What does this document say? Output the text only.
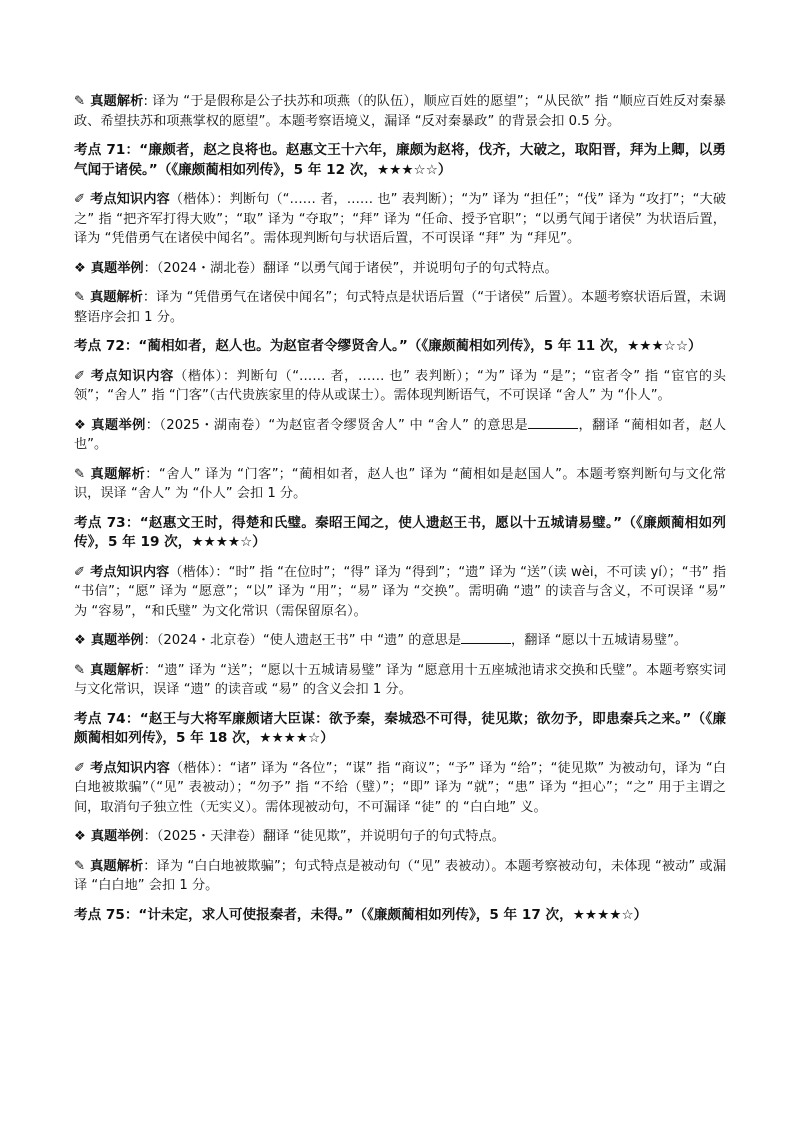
✎ 真题解析: 译为 “于是假称是公子扶苏和项燕（的队伍），顺应百姓的愿望”；“从民欲” 指 “顺应百姓反对秦暴政、希望扶苏和项燕掌权的愿望”。本题考察语境义，漏译 “反对秦暴政” 的背景会扣 0.5 分。

考点 71：“廉颇者，赵之良将也。赵惠文王十六年，廉颇为赵将，伐齐，大破之，取阳晋，拜为上卿，以勇气闻于诸侯。”（《廉颇蔺相如列传》，5 年 12 次，★★★☆☆）

✐ 考点知识内容（楷体）：判断句（“…… 者，…… 也” 表判断）；“为” 译为 “担任”；“伐” 译为 “攻打”；“大破之” 指 “把齐军打得大败”；“取” 译为 “夺取”；“拜” 译为 “任命、授予官职”；“以勇气闻于诸侯” 为状语后置，译为 “凭借勇气在诸侯中闻名”。需体现判断句与状语后置，不可误译 “拜” 为 “拜见”。

❖ 真题举例：（2024・湖北卷）翻译 “以勇气闻于诸侯”，并说明句子的句式特点。

✎ 真题解析：译为 “凭借勇气在诸侯中闻名”；句式特点是状语后置（“于诸侯” 后置）。本题考察状语后置，未调整语序会扣 1 分。

考点 72：“蔺相如者，赵人也。为赵宦者令缪贤舍人。”（《廉颇蔺相如列传》，5 年 11 次，★★★☆☆）

✐ 考点知识内容（楷体）：判断句（“…… 者，…… 也” 表判断）；“为” 译为 “是”；“宦者令” 指 “宦官的头领”；“舍人” 指 “门客”（古代贵族家里的侍从或谋士）。需体现判断语气，不可误译 “舍人” 为 “仆人”。

❖ 真题举例：（2025・湖南卷）“为赵宦者令缪贤舍人” 中 “舍人” 的意思是	，翻译 “蔺相如者，赵人也”。

✎ 真题解析：“舍人” 译为 “门客”；“蔺相如者，赵人也” 译为 “蔺相如是赵国人”。本题考察判断句与文化常识，误译 “舍人” 为 “仆人” 会扣 1 分。

考点 73：“赵惠文王时，得楚和氏璧。秦昭王闻之，使人遗赵王书，愿以十五城请易璧。”（《廉颇蔺相如列传》，5 年 19 次，★★★★☆）

✐ 考点知识内容（楷体）：“时” 指 “在位时”；“得” 译为 “得到”；“遗” 译为 “送”（读 wèi，不可读 yí）；“书” 指 “书信”；“愿” 译为 “愿意”；“以” 译为 “用”；“易” 译为 “交换”。需明确 “遗” 的读音与含义，不可误译 “易” 为 “容易”，“和氏璧” 为文化常识（需保留原名）。

❖ 真题举例：（2024・北京卷）“使人遗赵王书” 中 “遗” 的意思是	，翻译 “愿以十五城请易璧”。

✎ 真题解析：“遗” 译为 “送”；“愿以十五城请易璧” 译为 “愿意用十五座城池请求交换和氏璧”。本题考察实词与文化常识，误译 “遗” 的读音或 “易” 的含义会扣 1 分。

考点 74：“赵王与大将军廉颇诸大臣谋：欲予秦，秦城恐不可得，徒见欺；欲勿予，即患秦兵之来。”（《廉颇蔺相如列传》，5 年 18 次，★★★★☆）

✐ 考点知识内容（楷体）：“诸” 译为 “各位”；“谋” 指 “商议”；“予” 译为 “给”；“徒见欺” 为被动句，译为 “白白地被欺骗”（“见” 表被动）；“勿予” 指 “不给（璧）”；“即” 译为 “就”；“患” 译为 “担心”；“之” 用于主谓之间，取消句子独立性（无实义）。需体现被动句，不可漏译 “徒” 的 “白白地” 义。

❖ 真题举例：（2025・天津卷）翻译 “徒见欺”，并说明句子的句式特点。

✎ 真题解析：译为 “白白地被欺骗”；句式特点是被动句（“见” 表被动）。本题考察被动句，未体现 “被动” 或漏译 “白白地” 会扣 1 分。

考点 75：“计未定，求人可使报秦者，未得。”（《廉颇蔺相如列传》，5 年 17 次，★★★★☆）
